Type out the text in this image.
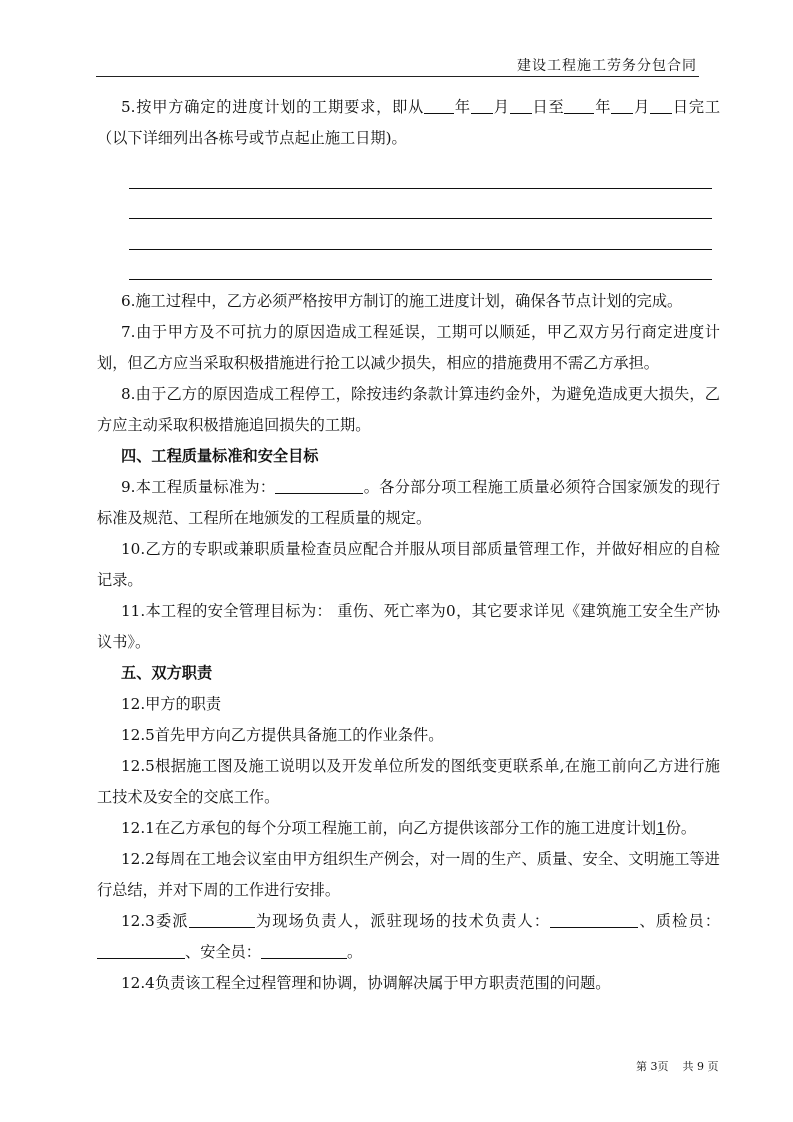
建设工程施工劳务分包合同

5.按甲方确定的进度计划的工期要求，即从 年 月 日至 年 月 日完工（以下详细列出各栋号或节点起止施工日期)。

6.施工过程中，乙方必须严格按甲方制订的施工进度计划，确保各节点计划的完成。

7.由于甲方及不可抗力的原因造成工程延误，工期可以顺延，甲乙双方另行商定进度计划，但乙方应当采取积极措施进行抢工以减少损失，相应的措施费用不需乙方承担。

8.由于乙方的原因造成工程停工，除按违约条款计算违约金外，为避免造成更大损失，乙方应主动采取积极措施追回损失的工期。

四、工程质量标准和安全目标

9.本工程质量标准为：	。各分部分项工程施工质量必须符合国家颁发的现行标准及规范、工程所在地颁发的工程质量的规定。

10.乙方的专职或兼职质量检查员应配合并服从项目部质量管理工作，并做好相应的自检记录。

11.本工程的安全管理目标为： 重伤、死亡率为0，其它要求详见《建筑施工安全生产协议书》。

五、双方职责

12.甲方的职责

12.5首先甲方向乙方提供具备施工的作业条件。

12.5根据施工图及施工说明以及开发单位所发的图纸变更联系单,在施工前向乙方进行施工技术及安全的交底工作。

12.1在乙方承包的每个分项工程施工前，向乙方提供该部分工作的施工进度计划1份。

12.2每周在工地会议室由甲方组织生产例会，对一周的生产、质量、安全、文明施工等进行总结，并对下周的工作进行安排。

12.3委派	为现场负责人，派驻现场的技术负责人：	、质检员：、安全员：	。

12.4负责该工程全过程管理和协调，协调解决属于甲方职责范围的问题。

第 3页    共 9 页
